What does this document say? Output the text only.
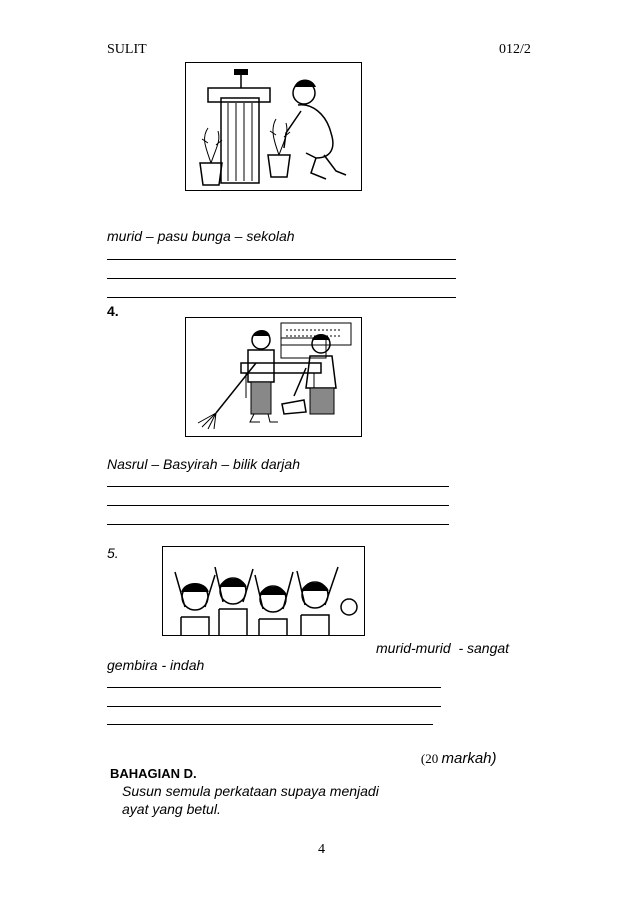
SULIT	012/2
murid – pasu bunga – sekolah
4.
Nasrul – Basyirah – bilik darjah
5.
murid-murid  - sangat
gembira - indah

(20 markah)

BAHAGIAN D.
Susun semula perkataan supaya menjadi
ayat yang betul.
4
